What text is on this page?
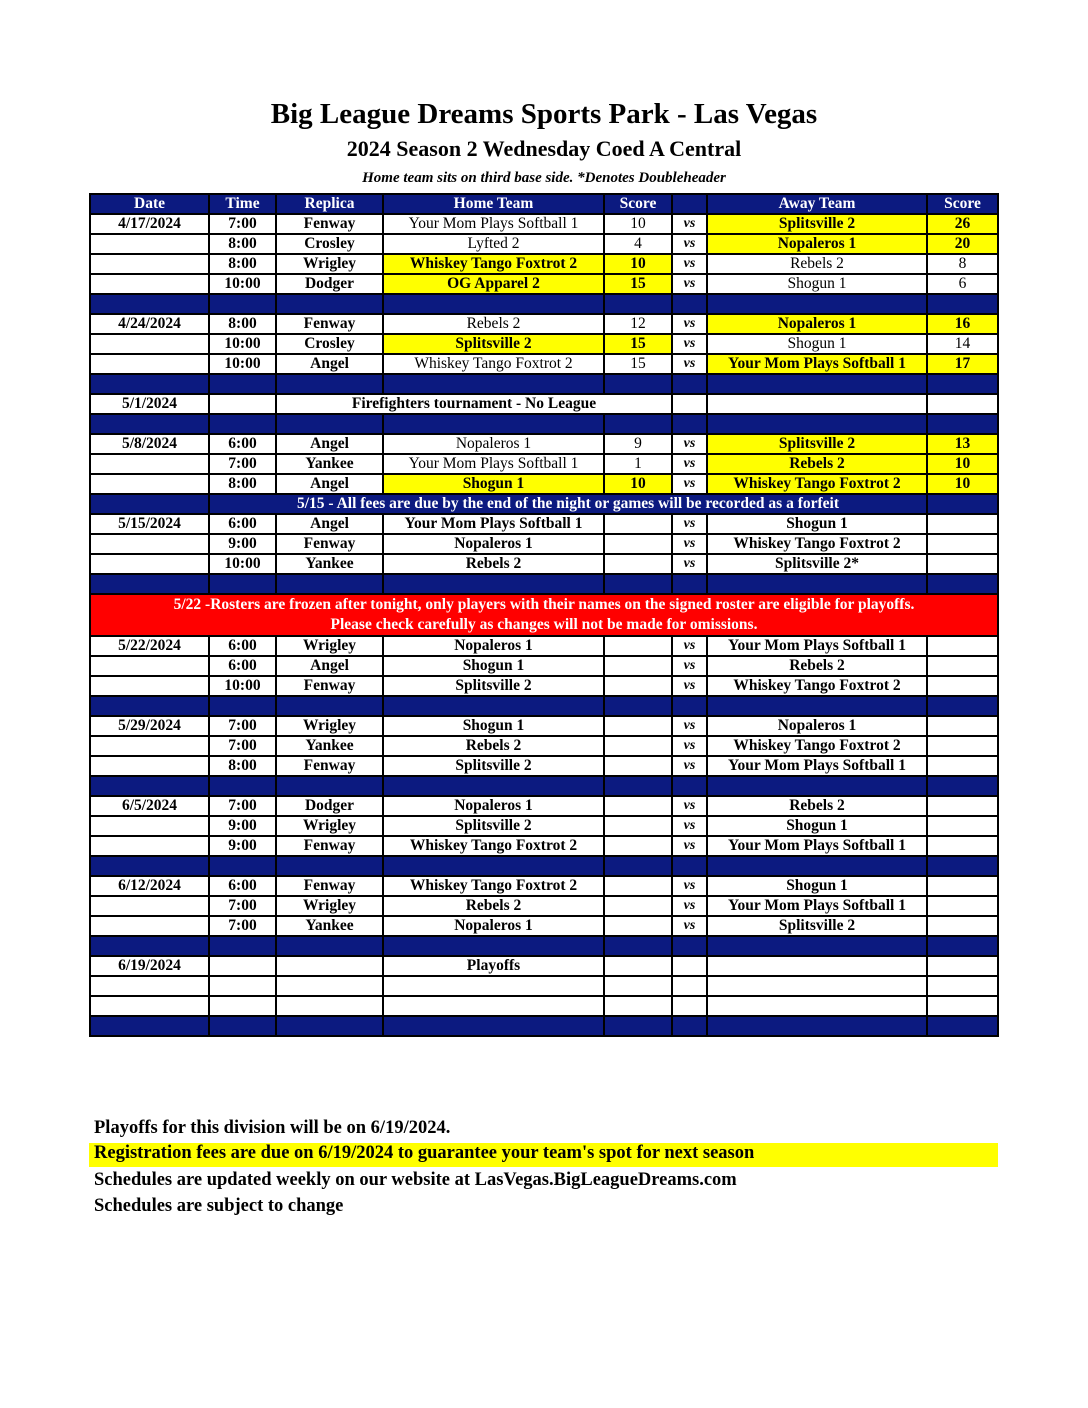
Big League Dreams Sports Park - Las Vegas
2024 Season 2 Wednesday Coed A Central
Home team sits on third base side. *Denotes Doubleheader
Date	Time	Replica	Home Team	Score		Away Team	Score
4/17/2024	7:00	Fenway	Your Mom Plays Softball 1	10	vs	Splitsville 2	26
	8:00	Crosley	Lyfted 2	4	vs	Nopaleros 1	20
	8:00	Wrigley	Whiskey Tango Foxtrot 2	10	vs	Rebels 2	8
	10:00	Dodger	OG Apparel 2	15	vs	Shogun 1	6

4/24/2024	8:00	Fenway	Rebels 2	12	vs	Nopaleros 1	16
	10:00	Crosley	Splitsville 2	15	vs	Shogun 1	14
	10:00	Angel	Whiskey Tango Foxtrot 2	15	vs	Your Mom Plays Softball 1	17

5/1/2024		Firefighters tournament - No League					

5/8/2024	6:00	Angel	Nopaleros 1	9	vs	Splitsville 2	13
	7:00	Yankee	Your Mom Plays Softball 1	1	vs	Rebels 2	10
	8:00	Angel	Shogun 1	10	vs	Whiskey Tango Foxtrot 2	10
	5/15 - All fees are due by the end of the night or games will be recorded as a forfeit						
5/15/2024	6:00	Angel	Your Mom Plays Softball 1		vs	Shogun 1	
	9:00	Fenway	Nopaleros 1		vs	Whiskey Tango Foxtrot 2	
	10:00	Yankee	Rebels 2		vs	Splitsville 2*	

5/22 -Rosters are frozen after tonight, only players with their names on the signed roster are eligible for playoffs.
Please check carefully as changes will not be made for omissions.							

5/22/2024	6:00	Wrigley	Nopaleros 1		vs	Your Mom Plays Softball 1	
	6:00	Angel	Shogun 1		vs	Rebels 2	
	10:00	Fenway	Splitsville 2		vs	Whiskey Tango Foxtrot 2	

5/29/2024	7:00	Wrigley	Shogun 1		vs	Nopaleros 1	
	7:00	Yankee	Rebels 2		vs	Whiskey Tango Foxtrot 2	
	8:00	Fenway	Splitsville 2		vs	Your Mom Plays Softball 1	

6/5/2024	7:00	Dodger	Nopaleros 1		vs	Rebels 2	
	9:00	Wrigley	Splitsville 2		vs	Shogun 1	
	9:00	Fenway	Whiskey Tango Foxtrot 2		vs	Your Mom Plays Softball 1	

6/12/2024	6:00	Fenway	Whiskey Tango Foxtrot 2		vs	Shogun 1	
	7:00	Wrigley	Rebels 2		vs	Your Mom Plays Softball 1	
	7:00	Yankee	Nopaleros 1		vs	Splitsville 2	

6/19/2024			Playoffs				

Playoffs for this division will be on 6/19/2024.
Registration fees are due on 6/19/2024 to guarantee your team's spot for next season
Schedules are updated weekly on our website at LasVegas.BigLeagueDreams.com
Schedules are subject to change
